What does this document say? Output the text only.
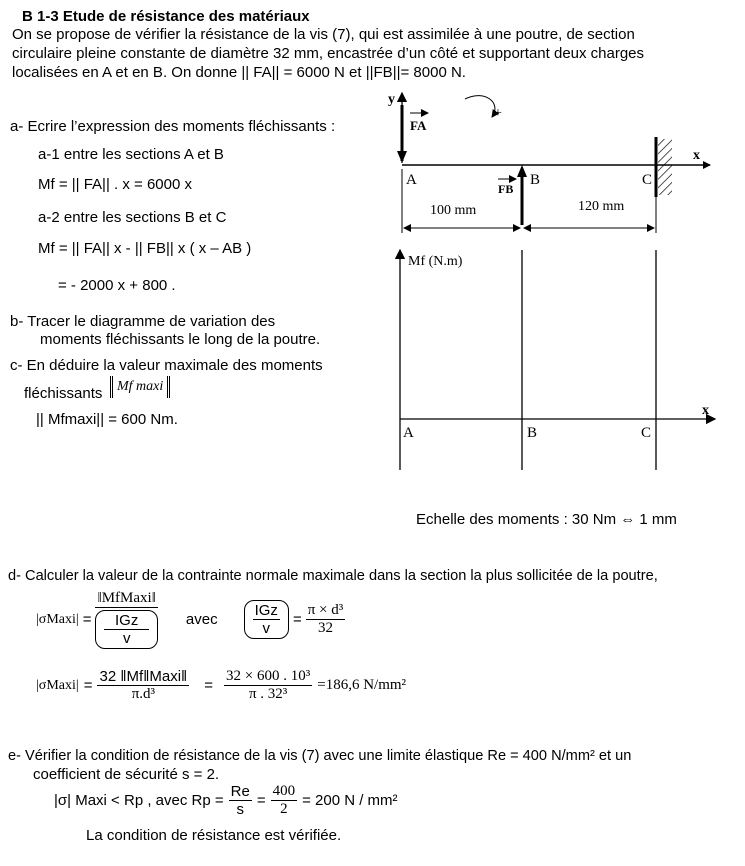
B 1-3 Etude de résistance des matériaux
On se propose de vérifier la résistance de la vis (7), qui est assimilée à une poutre, de section
circulaire pleine constante de diamètre 32 mm, encastrée d’un côté et supportant deux charges
localisées en A et en B. On donne || FA|| = 6000 N et ||FB||= 8000 N.
a- Ecrire l’expression des moments fléchissants :
a-1 entre les sections A et B
Mf = || FA|| . x = 6000 x
a-2 entre les sections B et C
Mf = || FA|| x - || FB|| x ( x – AB )
= - 2000 x + 800 .
b- Tracer le diagramme de variation des
moments fléchissants le long de la poutre.
c- En déduire la valeur maximale des moments
fléchissants	Mf maxi
|| Mfmaxi|| = 600 Nm.
y
FA
+
x
FB
A	B	C
100 mm	120 mm
Mf (N.m)
x
A	B	C
Echelle des moments : 30 Nm ⇔ 1 mm
d- Calculer la valeur de la contrainte normale maximale dans la section la plus sollicitée de la poutre,
|σMaxi| = ‖MfMaxi‖
IGz
v avec $\frac{\text{IGz}}{v} = \frac{\text{π × d³}}{32}$
|σMaxi| = $\frac{\text{32 ‖Mf‖Maxi‖}}{\text{π.d³}} = \frac{\text{32 × 600 . 10³}}{\text{π . 32³}} =186,6$ N/mm²
e- Vérifier la condition de résistance de la vis (7) avec une limite élastique Re = 400 N/mm² et un
coefficient de sécurité s = 2.
|σ| Maxi < Rp , avec $Rp = \frac{Re}{s} = \frac{400}{2} = 200$ N / mm²
La condition de résistance est vérifiée.
